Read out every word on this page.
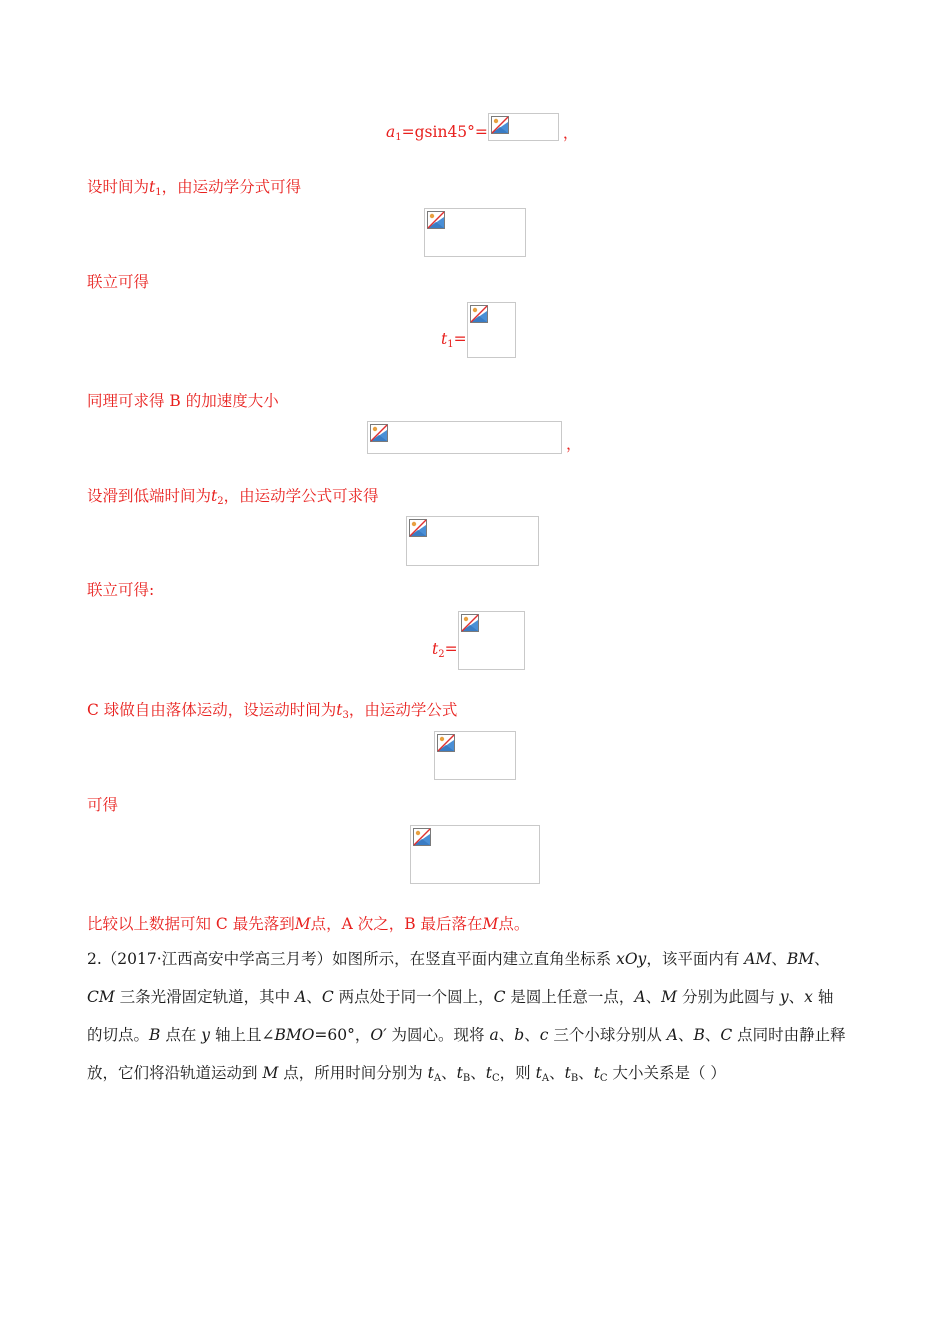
$a_1=gsin45^\circ=$	，
设时间为$t_1$，由运动学分式可得
联立可得
$t_1=$
同理可求得 B 的加速度大小
，
设滑到低端时间为$t_2$，由运动学公式可求得
联立可得:
$t_2=$
C 球做自由落体运动，设运动时间为$t_3$，由运动学公式
可得
比较以上数据可知 C 最先落到M点，A 次之，B 最后落在M点。
2.（2017·江西高安中学高三月考）如图所示，在竖直平面内建立直角坐标系 xOy，该平面内有 AM、BM、
CM 三条光滑固定轨道，其中 A、C 两点处于同一个圆上，C 是圆上任意一点，A、M 分别为此圆与 y、x 轴
的切点。B 点在 y 轴上且∠BMO=60°，O′ 为圆心。现将 a、b、c 三个小球分别从 A、B、C 点同时由静止释
放，它们将沿轨道运动到 M 点，所用时间分别为 $t_A$、$t_B$、$t_C$，则 $t_A$、$t_B$、$t_C$ 大小关系是（ ）
